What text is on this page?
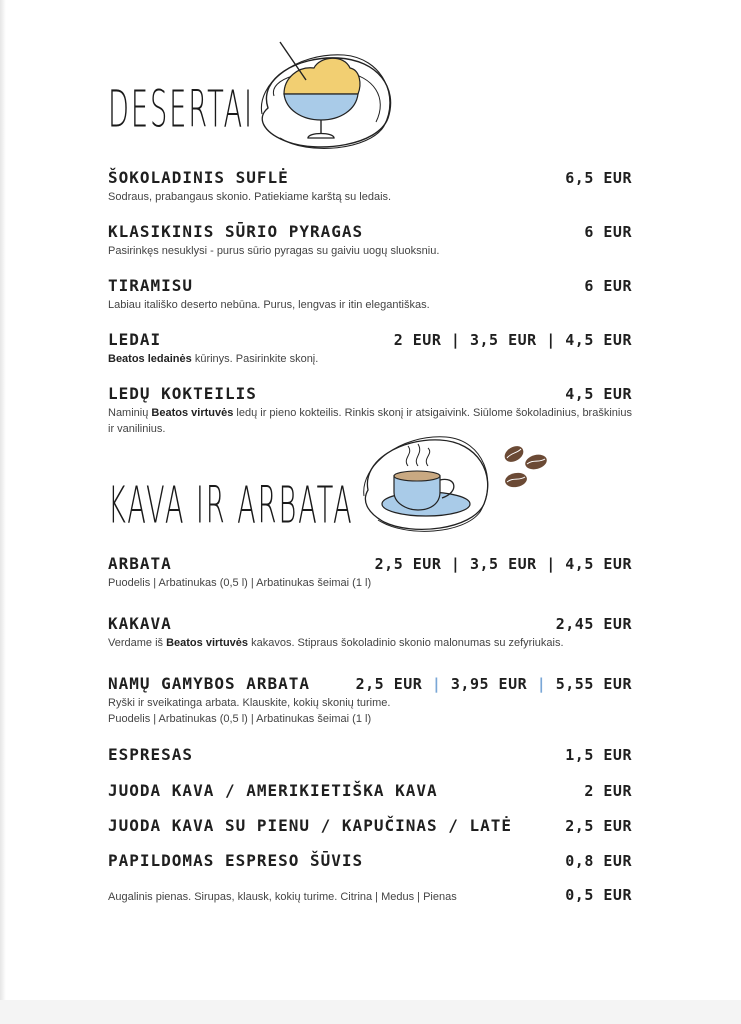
DESERTAI
ŠOKOLADINIS SUFLĖ	6,5 EUR
Sodraus, prabangaus skonio. Patiekiame karštą su ledais.
KLASIKINIS SŪRIO PYRAGAS	6 EUR
Pasirinkęs nesuklysi - purus sūrio pyragas su gaiviu uogų sluoksniu.
TIRAMISU	6 EUR
Labiau itališko deserto nebūna. Purus, lengvas ir itin elegantiškas.
LEDAI	2 EUR | 3,5 EUR | 4,5 EUR
Beatos ledainės kūrinys. Pasirinkite skonį.
LEDŲ KOKTEILIS	4,5 EUR
Naminių Beatos virtuvės ledų ir pieno kokteilis. Rinkis skonį ir atsigaivink. Siūlome šokoladinius, braškinius ir vanilinius.
KAVA IR ARBATA
ARBATA	2,5 EUR | 3,5 EUR | 4,5 EUR
Puodelis | Arbatinukas (0,5 l) | Arbatinukas šeimai (1 l)
KAKAVA	2,45 EUR
Verdame iš Beatos virtuvės kakavos. Stipraus šokoladinio skonio malonumas su zefyriukais.
NAMŲ GAMYBOS ARBATA	2,5 EUR | 3,95 EUR | 5,55 EUR
Ryški ir sveikatinga arbata. Klauskite, kokių skonių turime.
Puodelis | Arbatinukas (0,5 l) | Arbatinukas šeimai (1 l)
ESPRESAS	1,5 EUR
JUODA KAVA / AMERIKIETIŠKA KAVA	2 EUR
JUODA KAVA SU PIENU / KAPUČINAS / LATĖ	2,5 EUR
PAPILDOMAS ESPRESO ŠŪVIS	0,8 EUR
Augalinis pienas. Sirupas, klausk, kokių turime. Citrina | Medus | Pienas	0,5 EUR
